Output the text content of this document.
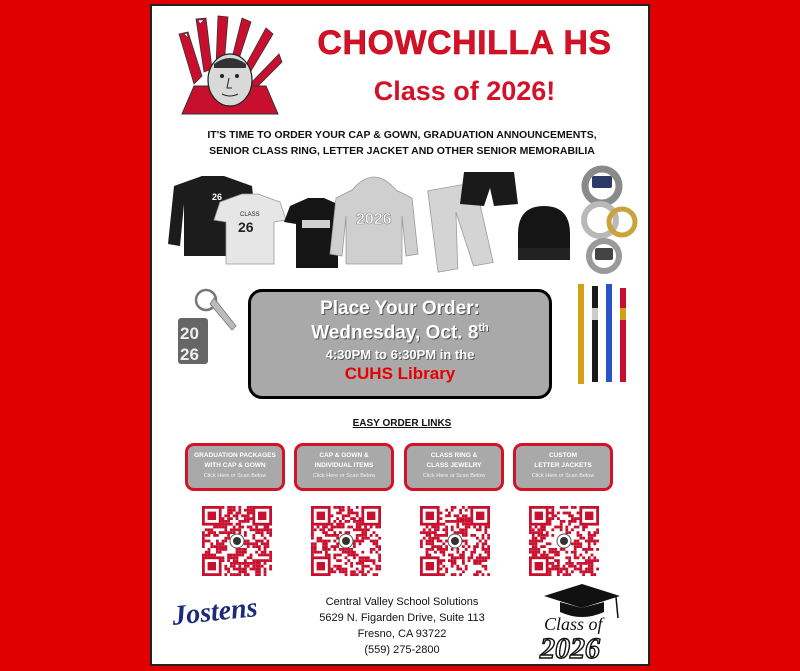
CHOWCHILLA HS
Class of 2026!
IT'S TIME TO ORDER YOUR CAP & GOWN, GRADUATION ANNOUNCEMENTS,
SENIOR CLASS RING, LETTER JACKET AND OTHER SENIOR MEMORABILIA
26
CLASS
26	2026
20
26
Place Your Order:
Wednesday, Oct. 8th
4:30PM to 6:30PM in the
CUHS Library
EASY ORDER LINKS
GRADUATION PACKAGES
WITH CAP & GOWN
Click Here or Scan Below
CAP & GOWN &
INDIVIDUAL ITEMS
Click Here or Scan Below
CLASS RING &
CLASS JEWELRY
Click Here or Scan Below
CUSTOM
LETTER JACKETS
Click Here or Scan Below
Jostens	Central Valley School Solutions
5629 N. Figarden Drive, Suite 113
Fresno, CA 93722
(559) 275-2800
Class of
2026
